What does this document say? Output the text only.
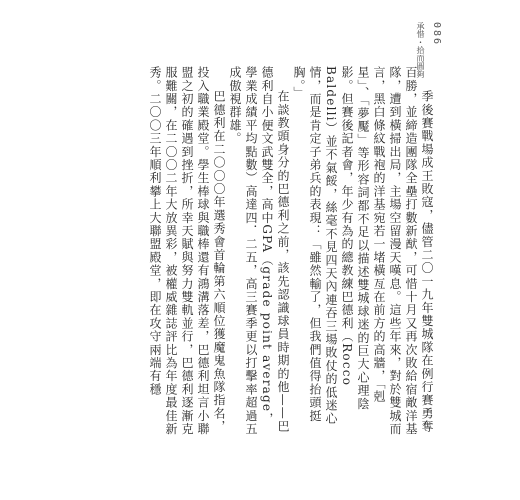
承惜・拾而圓夠 086

季後賽戰場成王敗寇，儘管二〇一九年雙城隊在例行賽勇奪百勝，並締造團隊全壘打數新猷，可惜十月又再次敗給宿敵洋基隊，遭到橫掃出局，主場空留漫天嘆息。這些年來，對於雙城而言，黑白條紋戰袍的洋基宛若一堵橫亙在前方的高牆，「剋星」、「夢魘」等形容詞都不足以描述雙城球迷的巨大心理陰影。但賽後記者會，年少有為的總教練巴德利（Rocco Baldelli）並不氣餒，絲毫不見四天內連吞三場敗仗的低迷心情，而是肯定子弟兵的表現：「雖然輸了，但我們值得抬頭挺胸。」

在談教頭身分的巴德利之前，該先認識球員時期的他——巴德利自小便文武雙全，高中GPA（grade point average，學業成績平均點數）高達四．二五，高三賽季更以打擊率超過五成傲視群雄。

巴德利在二〇〇〇年選秀會首輪第六順位獲魔鬼魚隊指名，投入職業殿堂。學生棒球與職棒還有鴻溝落差，巴德利坦言小聯盟之初的確遇到挫折，所幸天賦與努力雙軌並行，巴德利逐漸克服難關，在二〇〇二年大放異彩，被權威雜誌評比為年度最佳新秀。二〇〇三年順利攀上大聯盟殿堂，即在攻守兩端有穩
